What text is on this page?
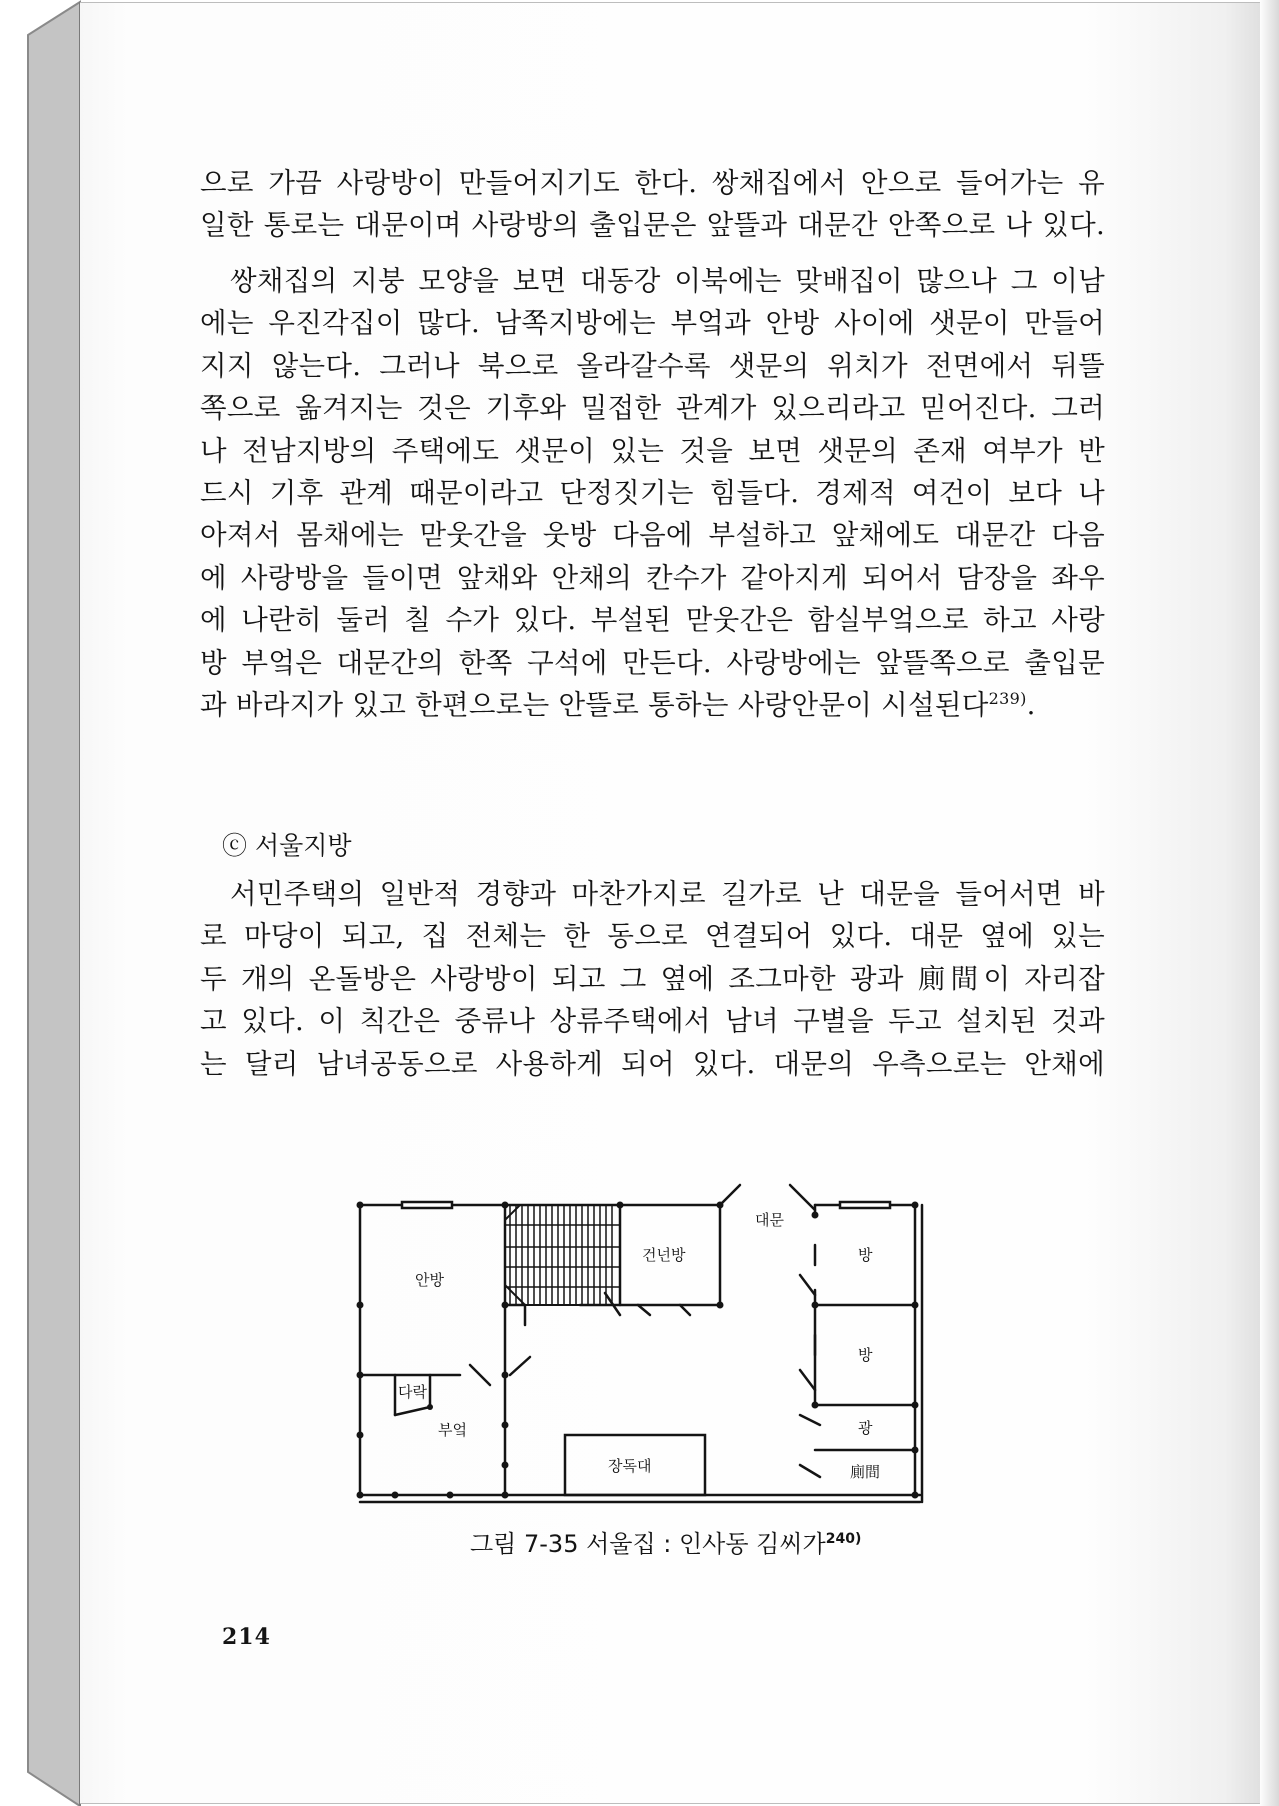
으로 가끔 사랑방이 만들어지기도 한다. 쌍채집에서 안으로 들어가는 유
일한 통로는 대문이며 사랑방의 출입문은 앞뜰과 대문간 안쪽으로 나 있다.
쌍채집의 지붕 모양을 보면 대동강 이북에는 맞배집이 많으나 그 이남
에는 우진각집이 많다. 남쪽지방에는 부엌과 안방 사이에 샛문이 만들어
지지 않는다. 그러나 북으로 올라갈수록 샛문의 위치가 전면에서 뒤뜰
쪽으로 옮겨지는 것은 기후와 밀접한 관계가 있으리라고 믿어진다. 그러
나 전남지방의 주택에도 샛문이 있는 것을 보면 샛문의 존재 여부가 반
드시 기후 관계 때문이라고 단정짓기는 힘들다. 경제적 여건이 보다 나
아져서 몸채에는 맏웃간을 웃방 다음에 부설하고 앞채에도 대문간 다음
에 사랑방을 들이면 앞채와 안채의 칸수가 같아지게 되어서 담장을 좌우
에 나란히 둘러 칠 수가 있다. 부설된 맏웃간은 함실부엌으로 하고 사랑
방 부엌은 대문간의 한쪽 구석에 만든다. 사랑방에는 앞뜰쪽으로 출입문
과 바라지가 있고 한편으로는 안뜰로 통하는 사랑안문이 시설된다$^{239)}$.
ⓒ 서울지방
서민주택의 일반적 경향과 마찬가지로 길가로 난 대문을 들어서면 바
로 마당이 되고, 집 전체는 한 동으로 연결되어 있다. 대문 옆에 있는
두 개의 온돌방은 사랑방이 되고 그 옆에 조그마한 광과 廁間이 자리잡
고 있다. 이 칙간은 중류나 상류주택에서 남녀 구별을 두고 설치된 것과
는 달리 남녀공동으로 사용하게 되어 있다. 대문의 우측으로는 안채에
안방
건넌방
대문
방
방
다락
부엌
장독대
광
廁間
그림 7-35 서울집 : 인사동 김씨가$^{240)}$
214
